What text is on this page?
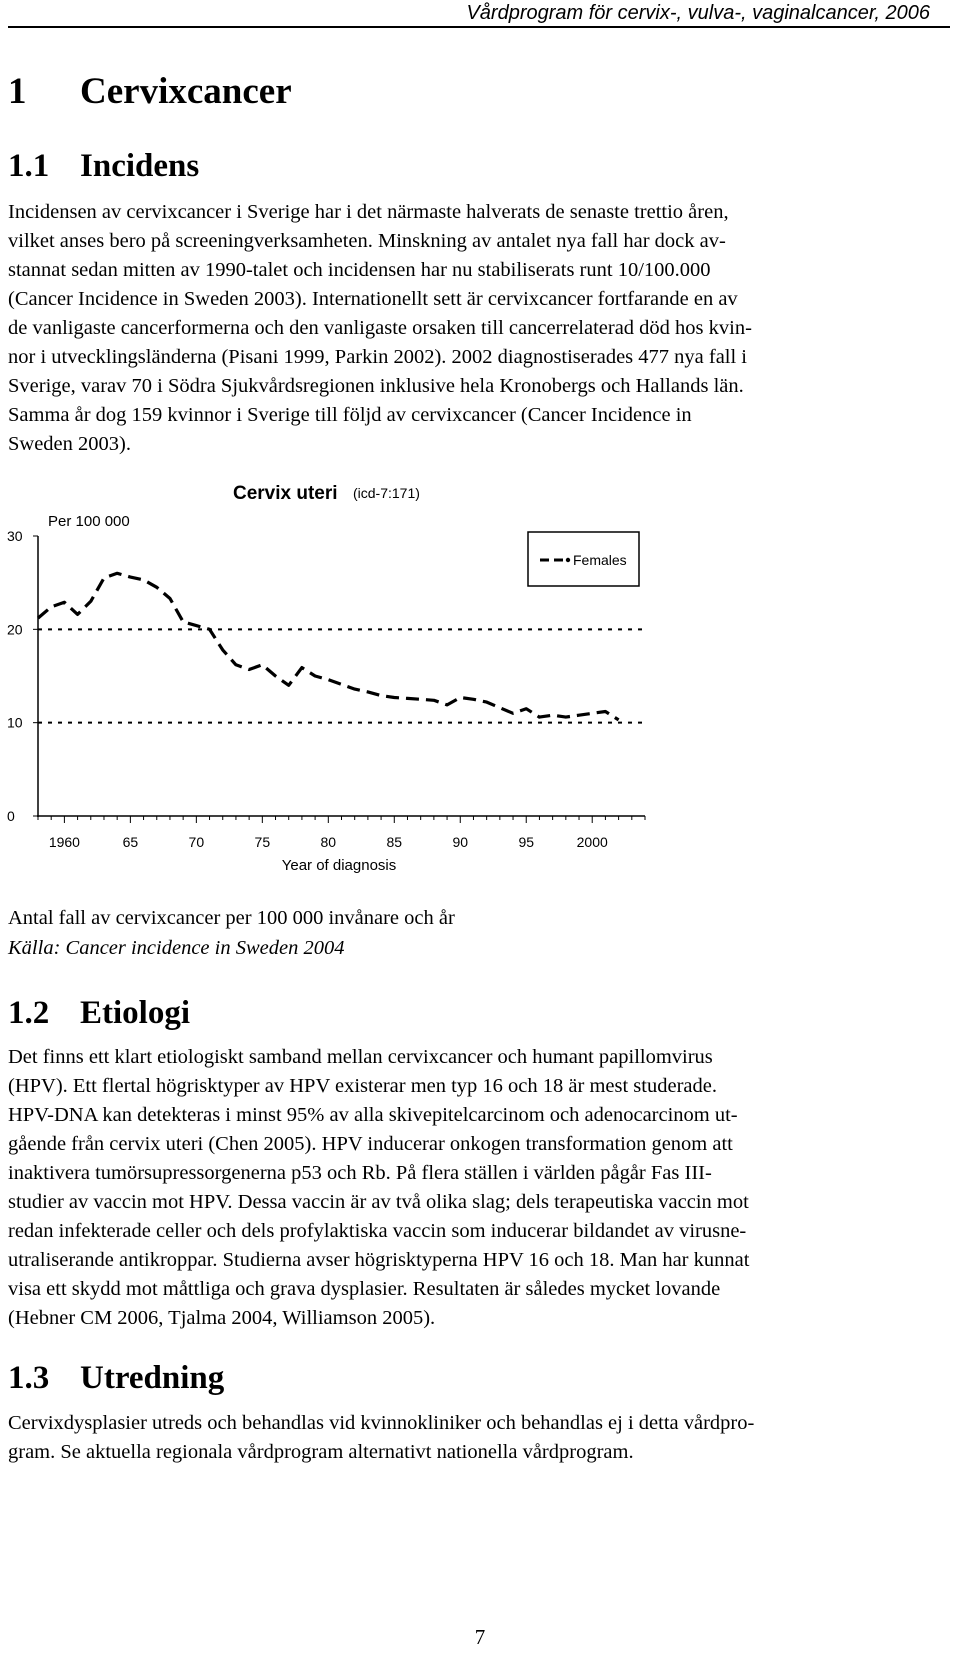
Vårdprogram för cervix-, vulva-, vaginalcancer, 2006
1 Cervixcancer
1.1 Incidens

Incidensen av cervixcancer i Sverige har i det närmaste halverats de senaste trettio åren,
vilket anses bero på screeningverksamheten. Minskning av antalet nya fall har dock av-
stannat sedan mitten av 1990-talet och incidensen har nu stabiliserats runt 10/100.000
(Cancer Incidence in Sweden 2003). Internationellt sett är cervixcancer fortfarande en av
de vanligaste cancerformerna och den vanligaste orsaken till cancerrelaterad död hos kvin-
nor i utvecklingsländerna (Pisani 1999, Parkin 2002). 2002 diagnostiserades 477 nya fall i
Sverige, varav 70 i Södra Sjukvårdsregionen inklusive hela Kronobergs och Hallands län.
Samma år dog 159 kvinnor i Sverige till följd av cervixcancer (Cancer Incidence in
Sweden 2003).

Cervix uteri (icd-7:171)
Per 100 000
Year of diagnosis
0
10
20
30
1960	65	70	75	80	85	90	95	2000
Females

Antal fall av cervixcancer per 100 000 invånare och år
Källa: Cancer incidence in Sweden 2004

1.2 Etiologi

Det finns ett klart etiologiskt samband mellan cervixcancer och humant papillomvirus
(HPV). Ett flertal högrisktyper av HPV existerar men typ 16 och 18 är mest studerade.
HPV-DNA kan detekteras i minst 95% av alla skivepitelcarcinom och adenocarcinom ut-
gående från cervix uteri (Chen 2005). HPV inducerar onkogen transformation genom att
inaktivera tumörsupressorgenerna p53 och Rb. På flera ställen i världen pågår Fas III-
studier av vaccin mot HPV. Dessa vaccin är av två olika slag; dels terapeutiska vaccin mot
redan infekterade celler och dels profylaktiska vaccin som inducerar bildandet av virusne-
utraliserande antikroppar. Studierna avser högrisktyperna HPV 16 och 18. Man har kunnat
visa ett skydd mot måttliga och grava dysplasier. Resultaten är således mycket lovande
(Hebner CM 2006, Tjalma 2004, Williamson 2005).

1.3 Utredning

Cervixdysplasier utreds och behandlas vid kvinnokliniker och behandlas ej i detta vårdpro-
gram. Se aktuella regionala vårdprogram alternativt nationella vårdprogram.

7
